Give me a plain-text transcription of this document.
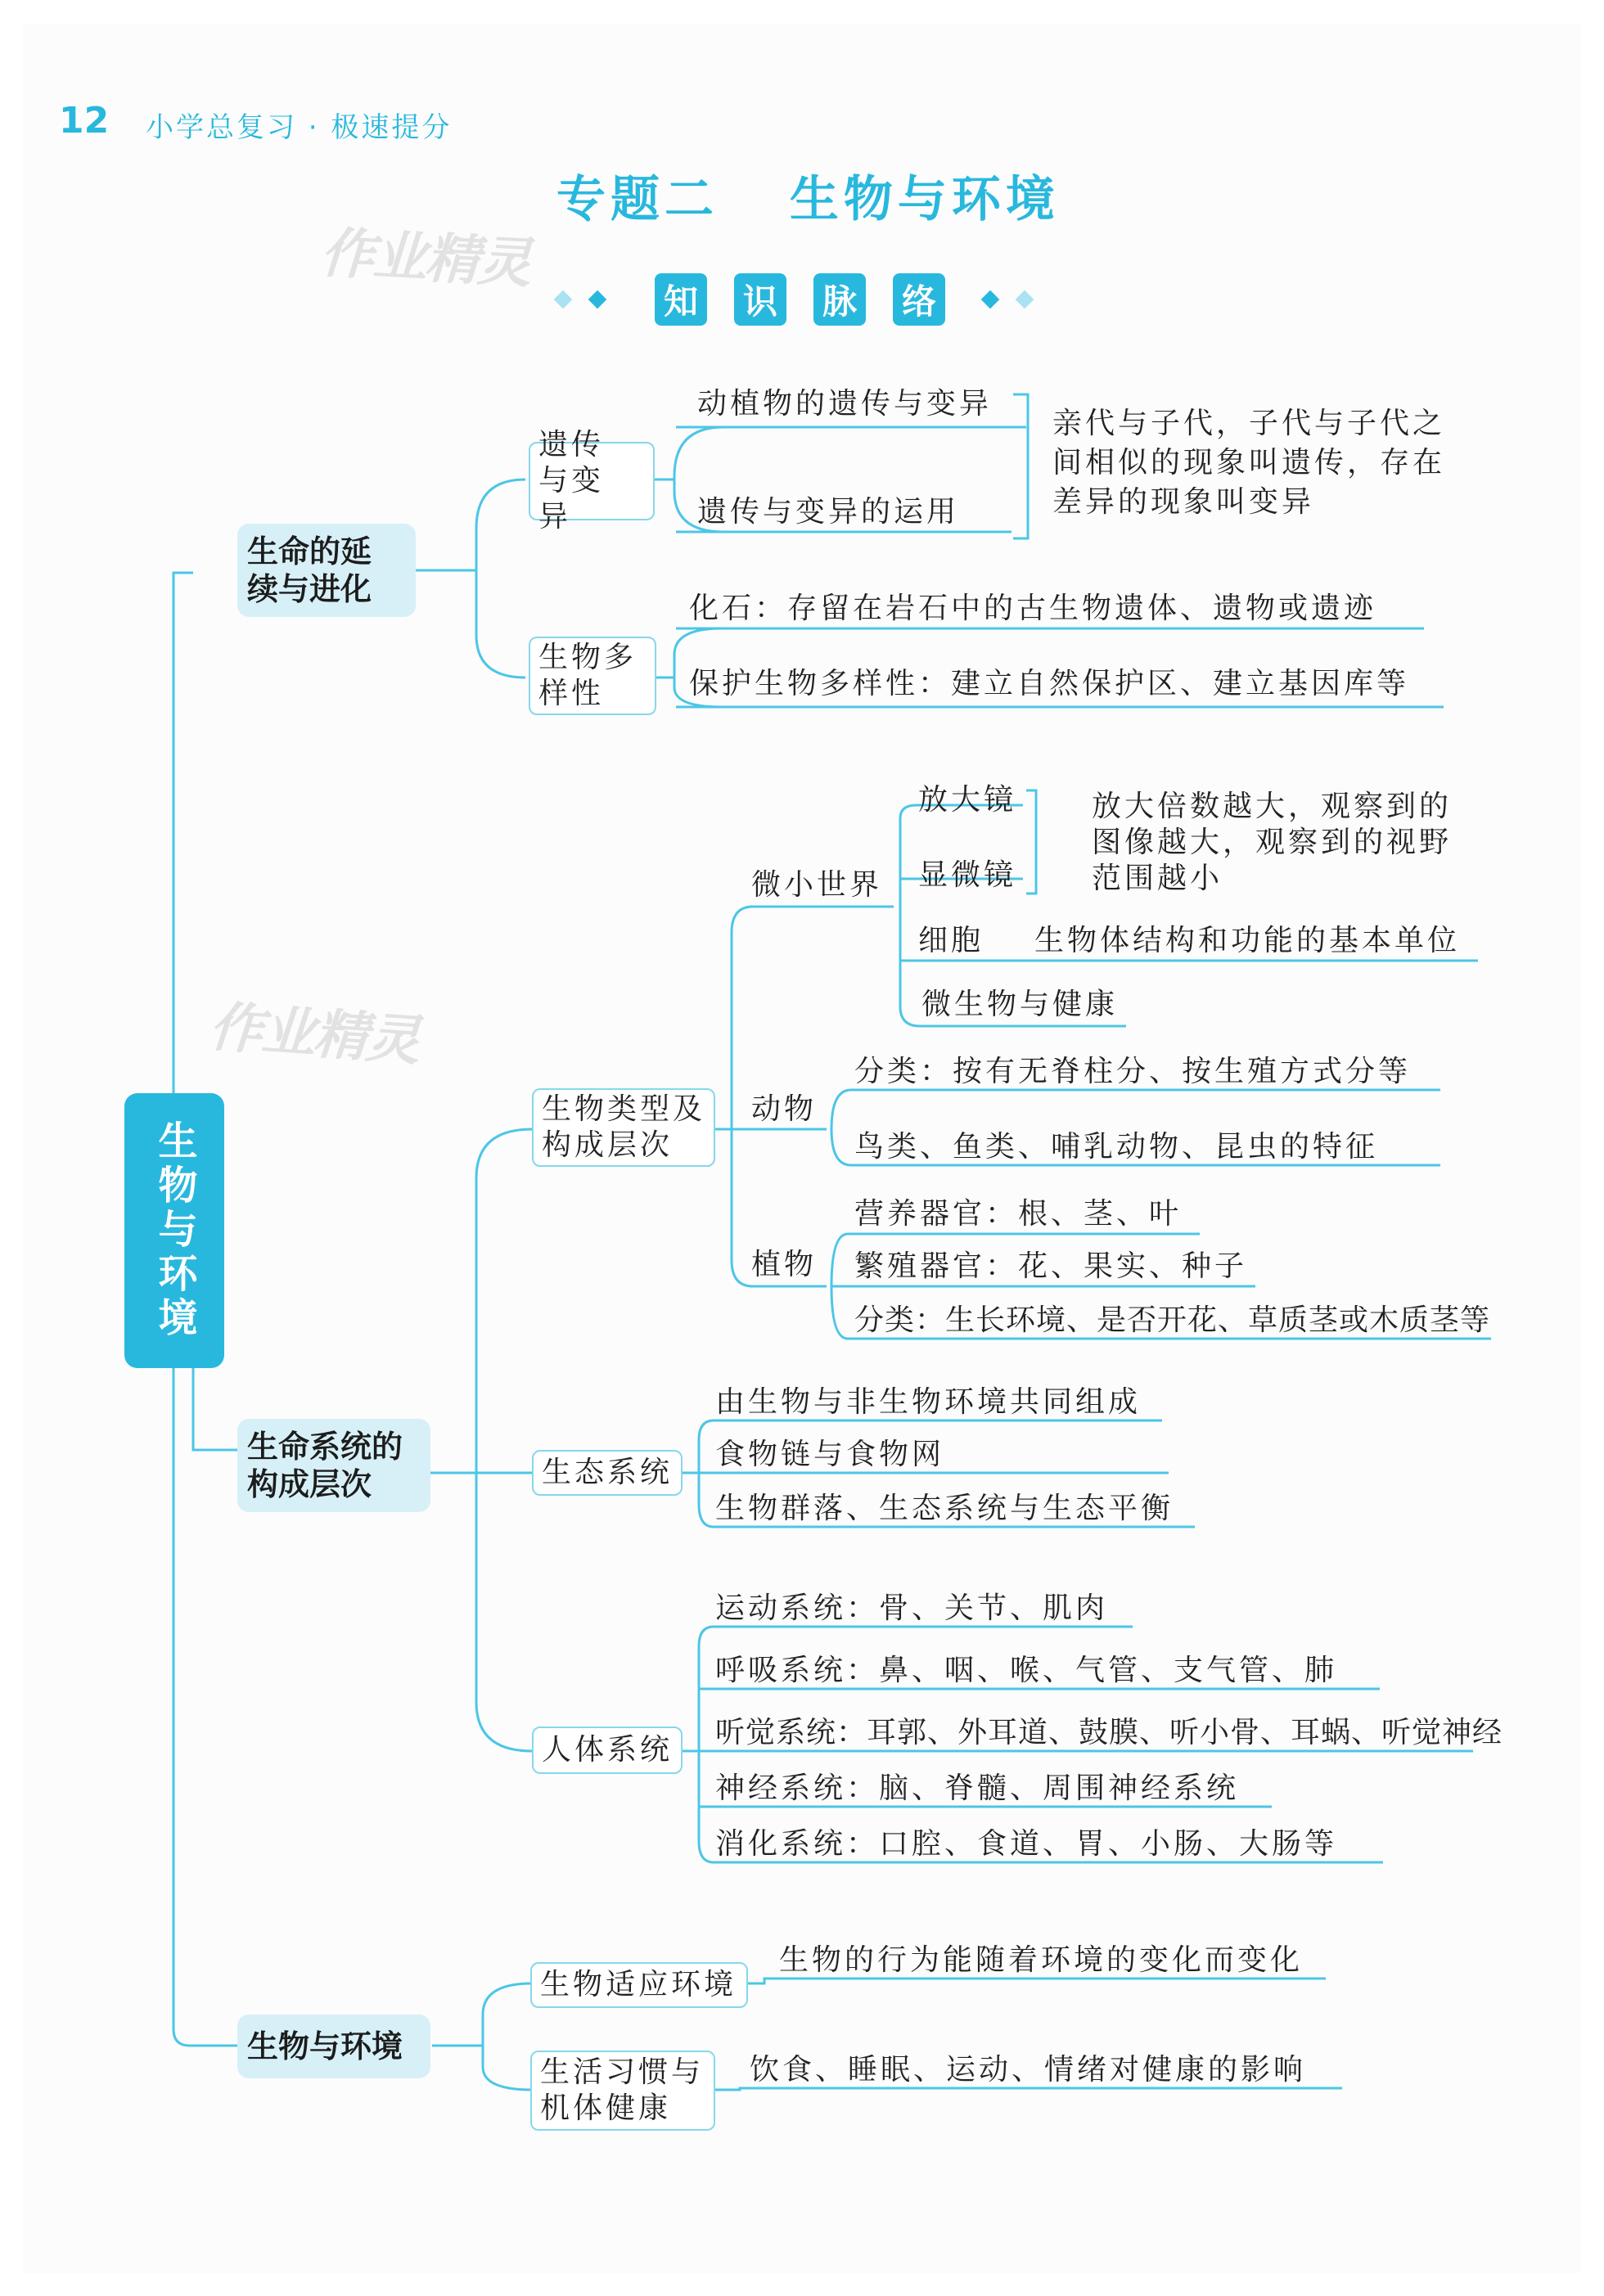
12 小学总复习 · 极速提分
专题二 生物与环境
作业精灵
作业精灵
知 识 脉 络
生物与环境
生命的延续与进化
生命系统的构成层次
生物与环境
遗传与变异
生物多样性
生物类型及构成层次
生态系统
人体系统
生物适应环境
生活习惯与机体健康
动植物的遗传与变异
遗传与变异的运用
亲代与子代，子代与子代之间相似的现象叫遗传，存在差异的现象叫变异
化石：存留在岩石中的古生物遗体、遗物或遗迹
保护生物多样性：建立自然保护区、建立基因库等
微小世界
放大镜
显微镜
放大倍数越大，观察到的图像越大，观察到的视野范围越小
细胞 生物体结构和功能的基本单位
微生物与健康
动物
分类：按有无脊柱分、按生殖方式分等
鸟类、鱼类、哺乳动物、昆虫的特征
植物
营养器官：根、茎、叶
繁殖器官：花、果实、种子
分类：生长环境、是否开花、草质茎或木质茎等
由生物与非生物环境共同组成
食物链与食物网
生物群落、生态系统与生态平衡
运动系统：骨、关节、肌肉
呼吸系统：鼻、咽、喉、气管、支气管、肺
听觉系统：耳郭、外耳道、鼓膜、听小骨、耳蜗、听觉神经
神经系统：脑、脊髓、周围神经系统
消化系统：口腔、食道、胃、小肠、大肠等
生物的行为能随着环境的变化而变化
饮食、睡眠、运动、情绪对健康的影响
